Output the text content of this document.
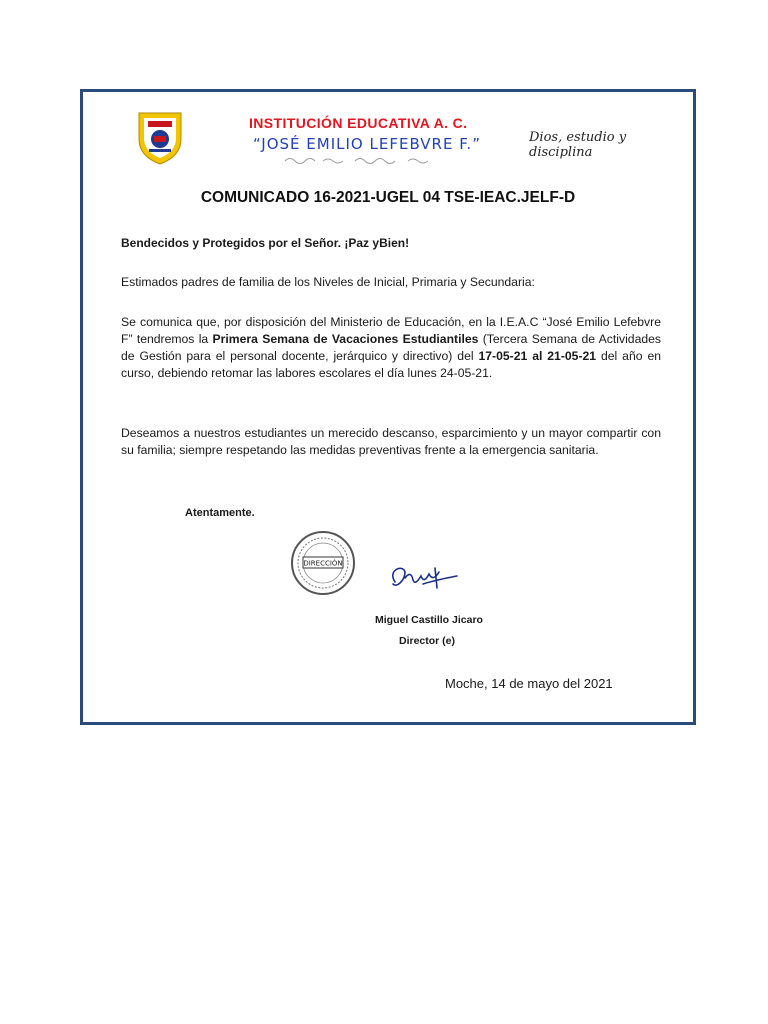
INSTITUCIÓN EDUCATIVA A. C.
“JOSÉ EMILIO LEFEBVRE F.”	Dios, estudio y disciplina
COMUNICADO 16-2021-UGEL 04 TSE-IEAC.JELF-D
Bendecidos y Protegidos por el Señor. ¡Paz yBien!
Estimados padres de familia de los Niveles de Inicial, Primaria y Secundaria:
Se comunica que, por disposición del Ministerio de Educación, en la I.E.A.C “José Emilio Lefebvre F” tendremos la Primera Semana de Vacaciones Estudiantiles (Tercera Semana de Actividades de Gestión para el personal docente, jerárquico y directivo) del 17-05-21 al 21-05-21 del año en curso, debiendo retomar las labores escolares el día lunes 24-05-21.
Deseamos a nuestros estudiantes un merecido descanso, esparcimiento y un mayor compartir con su familia; siempre respetando las medidas preventivas frente a la emergencia sanitaria.
Atentamente.
DIRECCIÓN
Miguel Castillo Jicaro
Director (e)
Moche, 14 de mayo del 2021
